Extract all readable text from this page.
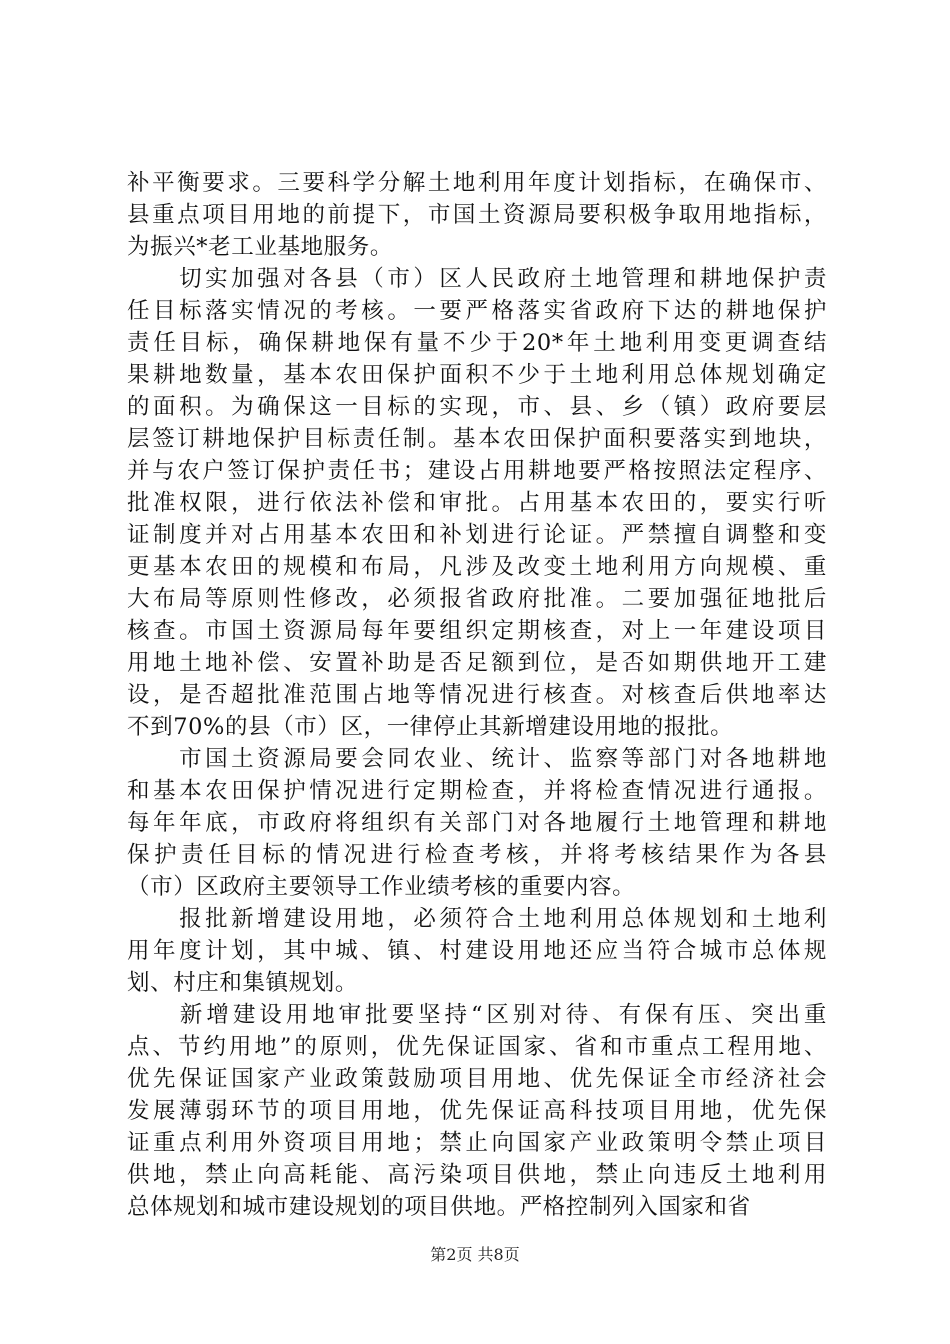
补平衡要求。三要科学分解土地利用年度计划指标，在确保市、
县重点项目用地的前提下，市国土资源局要积极争取用地指标，
为振兴*老工业基地服务。
　　切实加强对各县（市）区人民政府土地管理和耕地保护责
任目标落实情况的考核。一要严格落实省政府下达的耕地保护
责任目标，确保耕地保有量不少于20*年土地利用变更调查结
果耕地数量，基本农田保护面积不少于土地利用总体规划确定
的面积。为确保这一目标的实现，市、县、乡（镇）政府要层
层签订耕地保护目标责任制。基本农田保护面积要落实到地块，
并与农户签订保护责任书；建设占用耕地要严格按照法定程序、
批准权限，进行依法补偿和审批。占用基本农田的，要实行听
证制度并对占用基本农田和补划进行论证。严禁擅自调整和变
更基本农田的规模和布局，凡涉及改变土地利用方向规模、重
大布局等原则性修改，必须报省政府批准。二要加强征地批后
核查。市国土资源局每年要组织定期核查，对上一年建设项目
用地土地补偿、安置补助是否足额到位，是否如期供地开工建
设，是否超批准范围占地等情况进行核查。对核查后供地率达
不到70%的县（市）区，一律停止其新增建设用地的报批。
　　市国土资源局要会同农业、统计、监察等部门对各地耕地
和基本农田保护情况进行定期检查，并将检查情况进行通报。
每年年底，市政府将组织有关部门对各地履行土地管理和耕地
保护责任目标的情况进行检查考核，并将考核结果作为各县
（市）区政府主要领导工作业绩考核的重要内容。
　　报批新增建设用地，必须符合土地利用总体规划和土地利
用年度计划，其中城、镇、村建设用地还应当符合城市总体规
划、村庄和集镇规划。
　　新增建设用地审批要坚持“区别对待、有保有压、突出重
点、节约用地”的原则，优先保证国家、省和市重点工程用地、
优先保证国家产业政策鼓励项目用地、优先保证全市经济社会
发展薄弱环节的项目用地，优先保证高科技项目用地，优先保
证重点利用外资项目用地；禁止向国家产业政策明令禁止项目
供地，禁止向高耗能、高污染项目供地，禁止向违反土地利用
总体规划和城市建设规划的项目供地。严格控制列入国家和省
第2页 共8页
